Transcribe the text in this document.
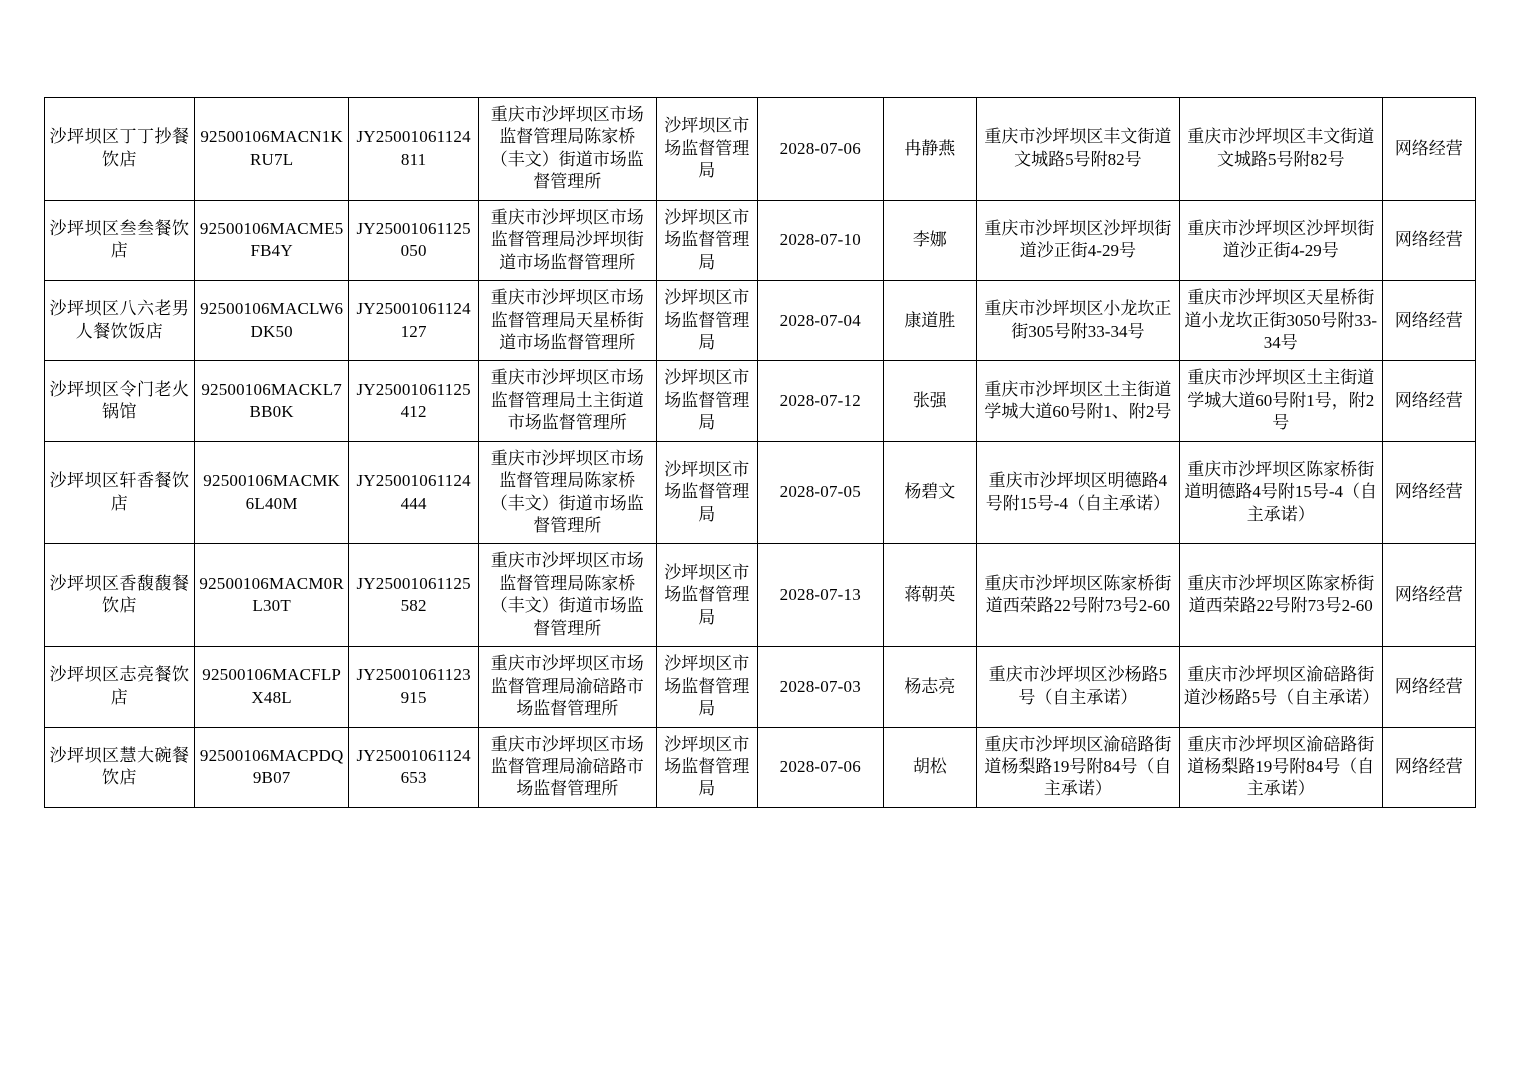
沙坪坝区丁丁抄餐饮店	92500106MACN1KRU7L	JY25001061124811	重庆市沙坪坝区市场监督管理局陈家桥（丰文）街道市场监督管理所	沙坪坝区市场监督管理局	2028-07-06	冉静燕	重庆市沙坪坝区丰文街道文城路5号附82号	重庆市沙坪坝区丰文街道文城路5号附82号	网络经营
沙坪坝区叁叁餐饮店	92500106MACME5FB4Y	JY25001061125050	重庆市沙坪坝区市场监督管理局沙坪坝街道市场监督管理所	沙坪坝区市场监督管理局	2028-07-10	李娜	重庆市沙坪坝区沙坪坝街道沙正街4-29号	重庆市沙坪坝区沙坪坝街道沙正街4-29号	网络经营
沙坪坝区八六老男人餐饮饭店	92500106MACLW6DK50	JY25001061124127	重庆市沙坪坝区市场监督管理局天星桥街道市场监督管理所	沙坪坝区市场监督管理局	2028-07-04	康道胜	重庆市沙坪坝区小龙坎正街305号附33-34号	重庆市沙坪坝区天星桥街道小龙坎正街3050号附33-34号	网络经营
沙坪坝区令门老火锅馆	92500106MACKL7BB0K	JY25001061125412	重庆市沙坪坝区市场监督管理局土主街道市场监督管理所	沙坪坝区市场监督管理局	2028-07-12	张强	重庆市沙坪坝区土主街道学城大道60号附1、附2号	重庆市沙坪坝区土主街道学城大道60号附1号，附2号	网络经营
沙坪坝区轩香餐饮店	92500106MACMK6L40M	JY25001061124444	重庆市沙坪坝区市场监督管理局陈家桥（丰文）街道市场监督管理所	沙坪坝区市场监督管理局	2028-07-05	杨碧文	重庆市沙坪坝区明德路4号附15号-4（自主承诺）	重庆市沙坪坝区陈家桥街道明德路4号附15号-4（自主承诺）	网络经营
沙坪坝区香馥馥餐饮店	92500106MACM0RL30T	JY25001061125582	重庆市沙坪坝区市场监督管理局陈家桥（丰文）街道市场监督管理所	沙坪坝区市场监督管理局	2028-07-13	蒋朝英	重庆市沙坪坝区陈家桥街道西荣路22号附73号2-60	重庆市沙坪坝区陈家桥街道西荣路22号附73号2-60	网络经营
沙坪坝区志亮餐饮店	92500106MACFLPX48L	JY25001061123915	重庆市沙坪坝区市场监督管理局渝碚路市场监督管理所	沙坪坝区市场监督管理局	2028-07-03	杨志亮	重庆市沙坪坝区沙杨路5号（自主承诺）	重庆市沙坪坝区渝碚路街道沙杨路5号（自主承诺）	网络经营
沙坪坝区慧大碗餐饮店	92500106MACPDQ9B07	JY25001061124653	重庆市沙坪坝区市场监督管理局渝碚路市场监督管理所	沙坪坝区市场监督管理局	2028-07-06	胡松	重庆市沙坪坝区渝碚路街道杨梨路19号附84号（自主承诺）	重庆市沙坪坝区渝碚路街道杨梨路19号附84号（自主承诺）	网络经营
